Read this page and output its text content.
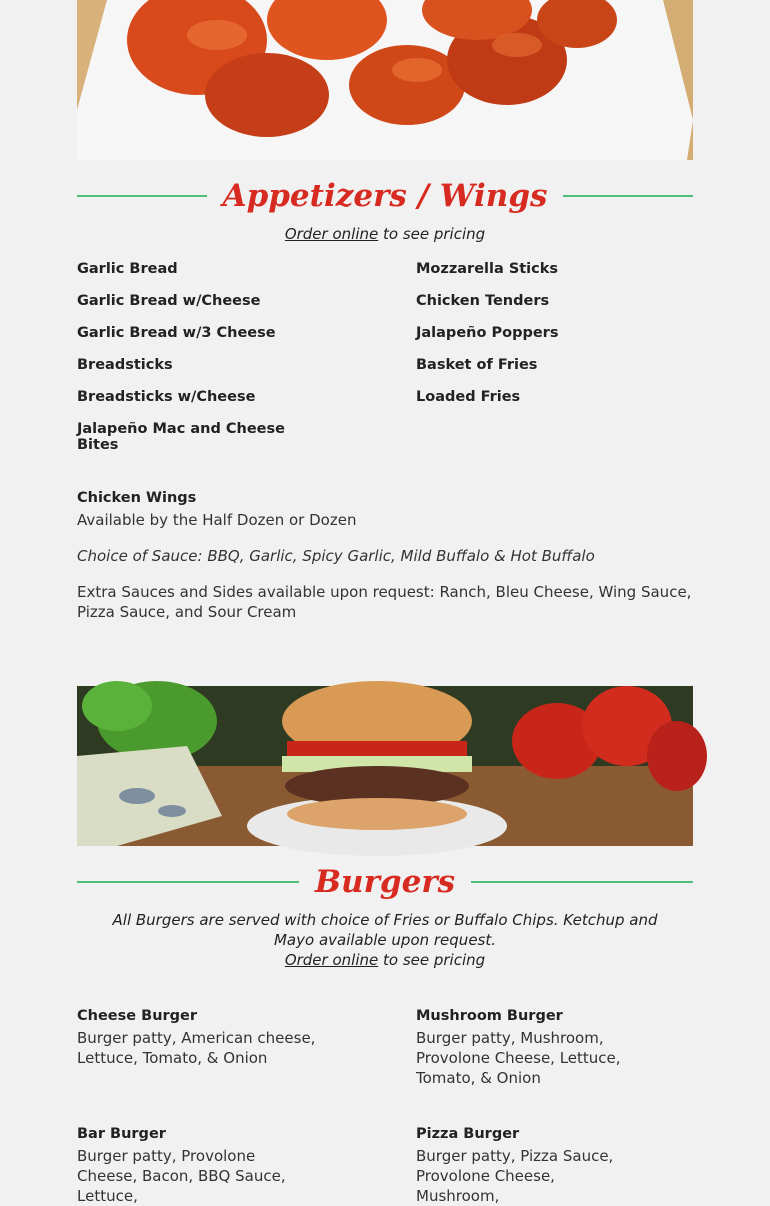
Appetizers / Wings
Order online to see pricing
Garlic Bread
Garlic Bread w/Cheese
Garlic Bread w/3 Cheese
Breadsticks
Breadsticks w/Cheese
Jalapeño Mac and Cheese Bites
Mozzarella Sticks
Chicken Tenders
Jalapeño Poppers
Basket of Fries
Loaded Fries
Chicken Wings
Available by the Half Dozen or Dozen
Choice of Sauce: BBQ, Garlic, Spicy Garlic, Mild Buffalo & Hot Buffalo
Extra Sauces and Sides available upon request: Ranch, Bleu Cheese, Wing Sauce, Pizza Sauce, and Sour Cream
Burgers
All Burgers are served with choice of Fries or Buffalo Chips. Ketchup and Mayo available upon request.
Order online to see pricing
Cheese Burger
Burger patty, American cheese, Lettuce, Tomato, & Onion
Mushroom Burger
Burger patty, Mushroom, Provolone Cheese, Lettuce, Tomato, & Onion
Bar Burger
Burger patty, Provolone Cheese, Bacon, BBQ Sauce, Lettuce,
Pizza Burger
Burger patty, Pizza Sauce, Provolone Cheese, Mushroom,
